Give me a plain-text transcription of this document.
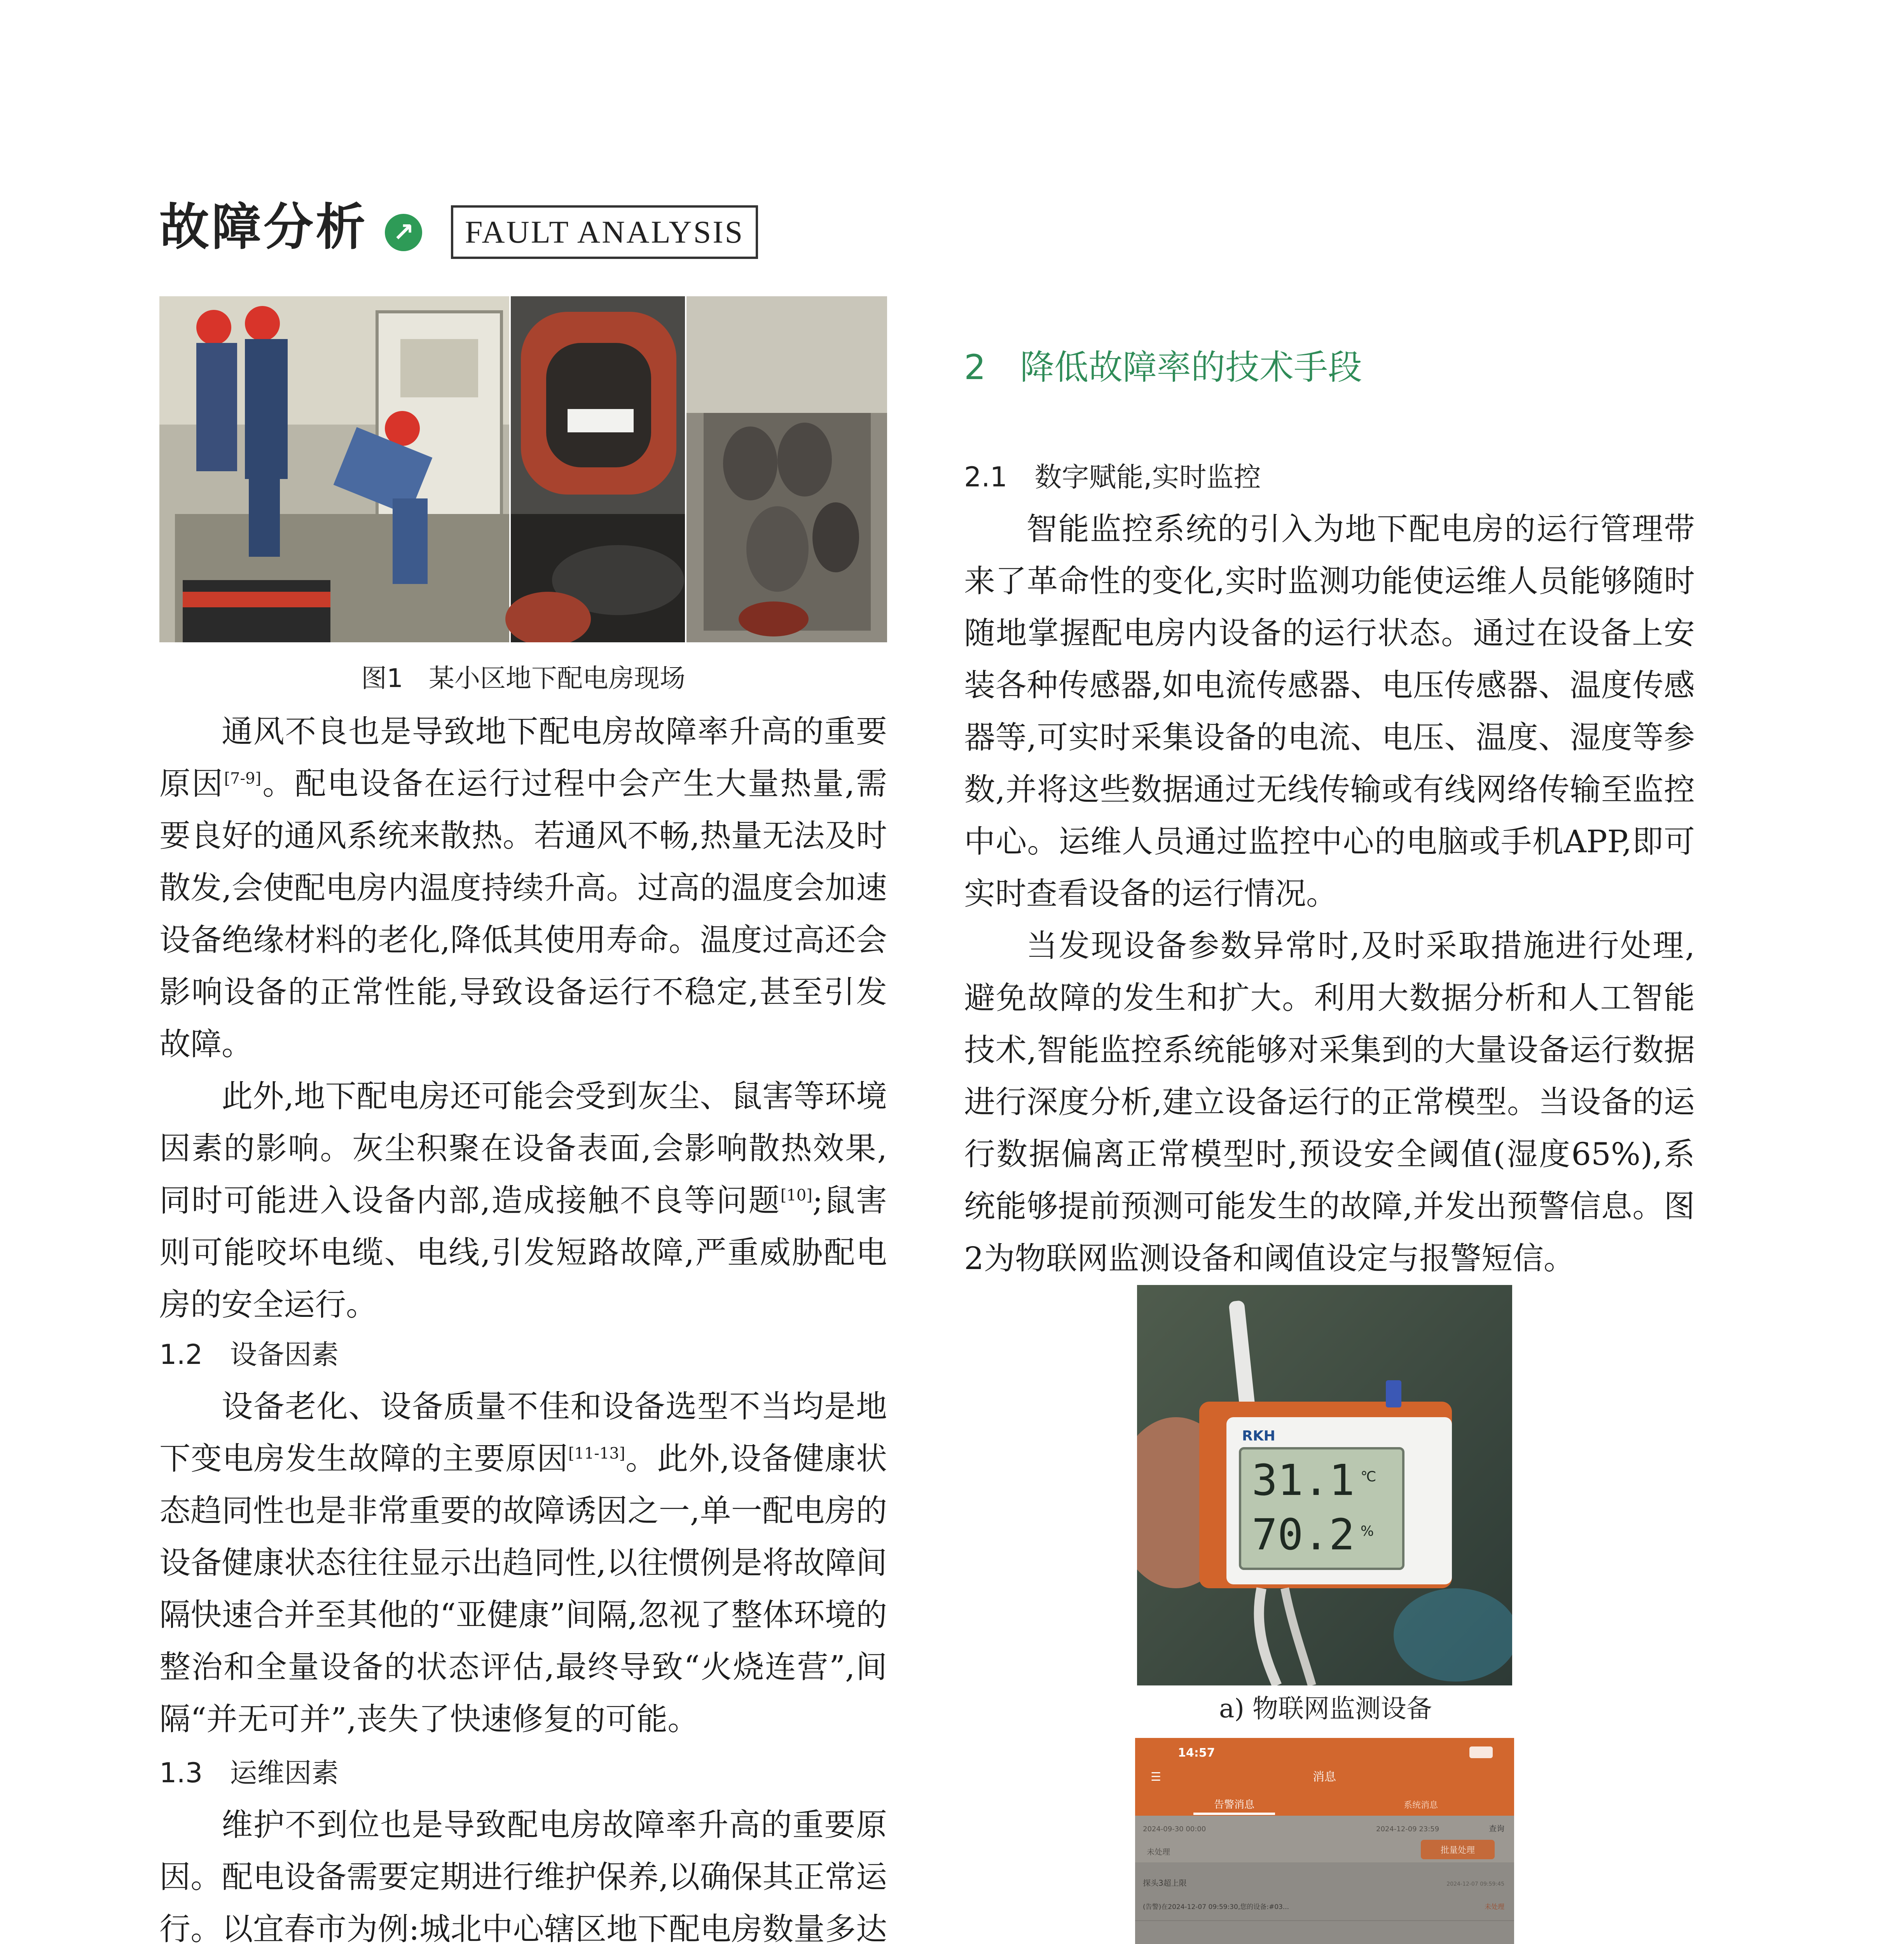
故障分析 ↗	FAULT ANALYSIS
图1　某小区地下配电房现场

通风不良也是导致地下配电房故障率升高的重要原因[7-9]。配电设备在运行过程中会产生大量热量,需要良好的通风系统来散热。若通风不畅,热量无法及时散发,会使配电房内温度持续升高。过高的温度会加速设备绝缘材料的老化,降低其使用寿命。温度过高还会影响设备的正常性能,导致设备运行不稳定,甚至引发故障。

此外,地下配电房还可能会受到灰尘、鼠害等环境因素的影响。灰尘积聚在设备表面,会影响散热效果,同时可能进入设备内部,造成接触不良等问题[10];鼠害则可能咬坏电缆、电线,引发短路故障,严重威胁配电房的安全运行。

1.2　设备因素

设备老化、设备质量不佳和设备选型不当均是地下变电房发生故障的主要原因[11-13]。此外,设备健康状态趋同性也是非常重要的故障诱因之一,单一配电房的设备健康状态往往显示出趋同性,以往惯例是将故障间隔快速合并至其他的“亚健康”间隔,忽视了整体环境的整治和全量设备的状态评估,最终导致“火烧连营”,间隔“并无可并”,丧失了快速修复的可能。

1.3　运维因素

维护不到位也是导致配电房故障率升高的重要原因。配电设备需要定期进行维护保养,以确保其正常运行。以宜春市为例:城北中心辖区地下配电房数量多达

2　降低故障率的技术手段
2.1　数字赋能,实时监控

智能监控系统的引入为地下配电房的运行管理带来了革命性的变化,实时监测功能使运维人员能够随时随地掌握配电房内设备的运行状态。通过在设备上安装各种传感器,如电流传感器、电压传感器、温度传感器等,可实时采集设备的电流、电压、温度、湿度等参数,并将这些数据通过无线传输或有线网络传输至监控中心。运维人员通过监控中心的电脑或手机APP,即可实时查看设备的运行情况。

当发现设备参数异常时,及时采取措施进行处理,避免故障的发生和扩大。利用大数据分析和人工智能技术,智能监控系统能够对采集到的大量设备运行数据进行深度分析,建立设备运行的正常模型。当设备的运行数据偏离正常模型时,预设安全阈值(湿度65%),系统能够提前预测可能发生的故障,并发出预警信息。图2为物联网监测设备和阈值设定与报警短信。

RKH
31.1 ℃
70.2 %
a) 物联网监测设备
14:57
☰	消息
告警消息	系统消息
2024-09-30 00:00	2024-12-09 23:59	查询
未处理	批量处理
探头3超上限	2024-12-07 09:59:45
(告警)在2024-12-07 09:59:30,您的设备:#03...	未处理
